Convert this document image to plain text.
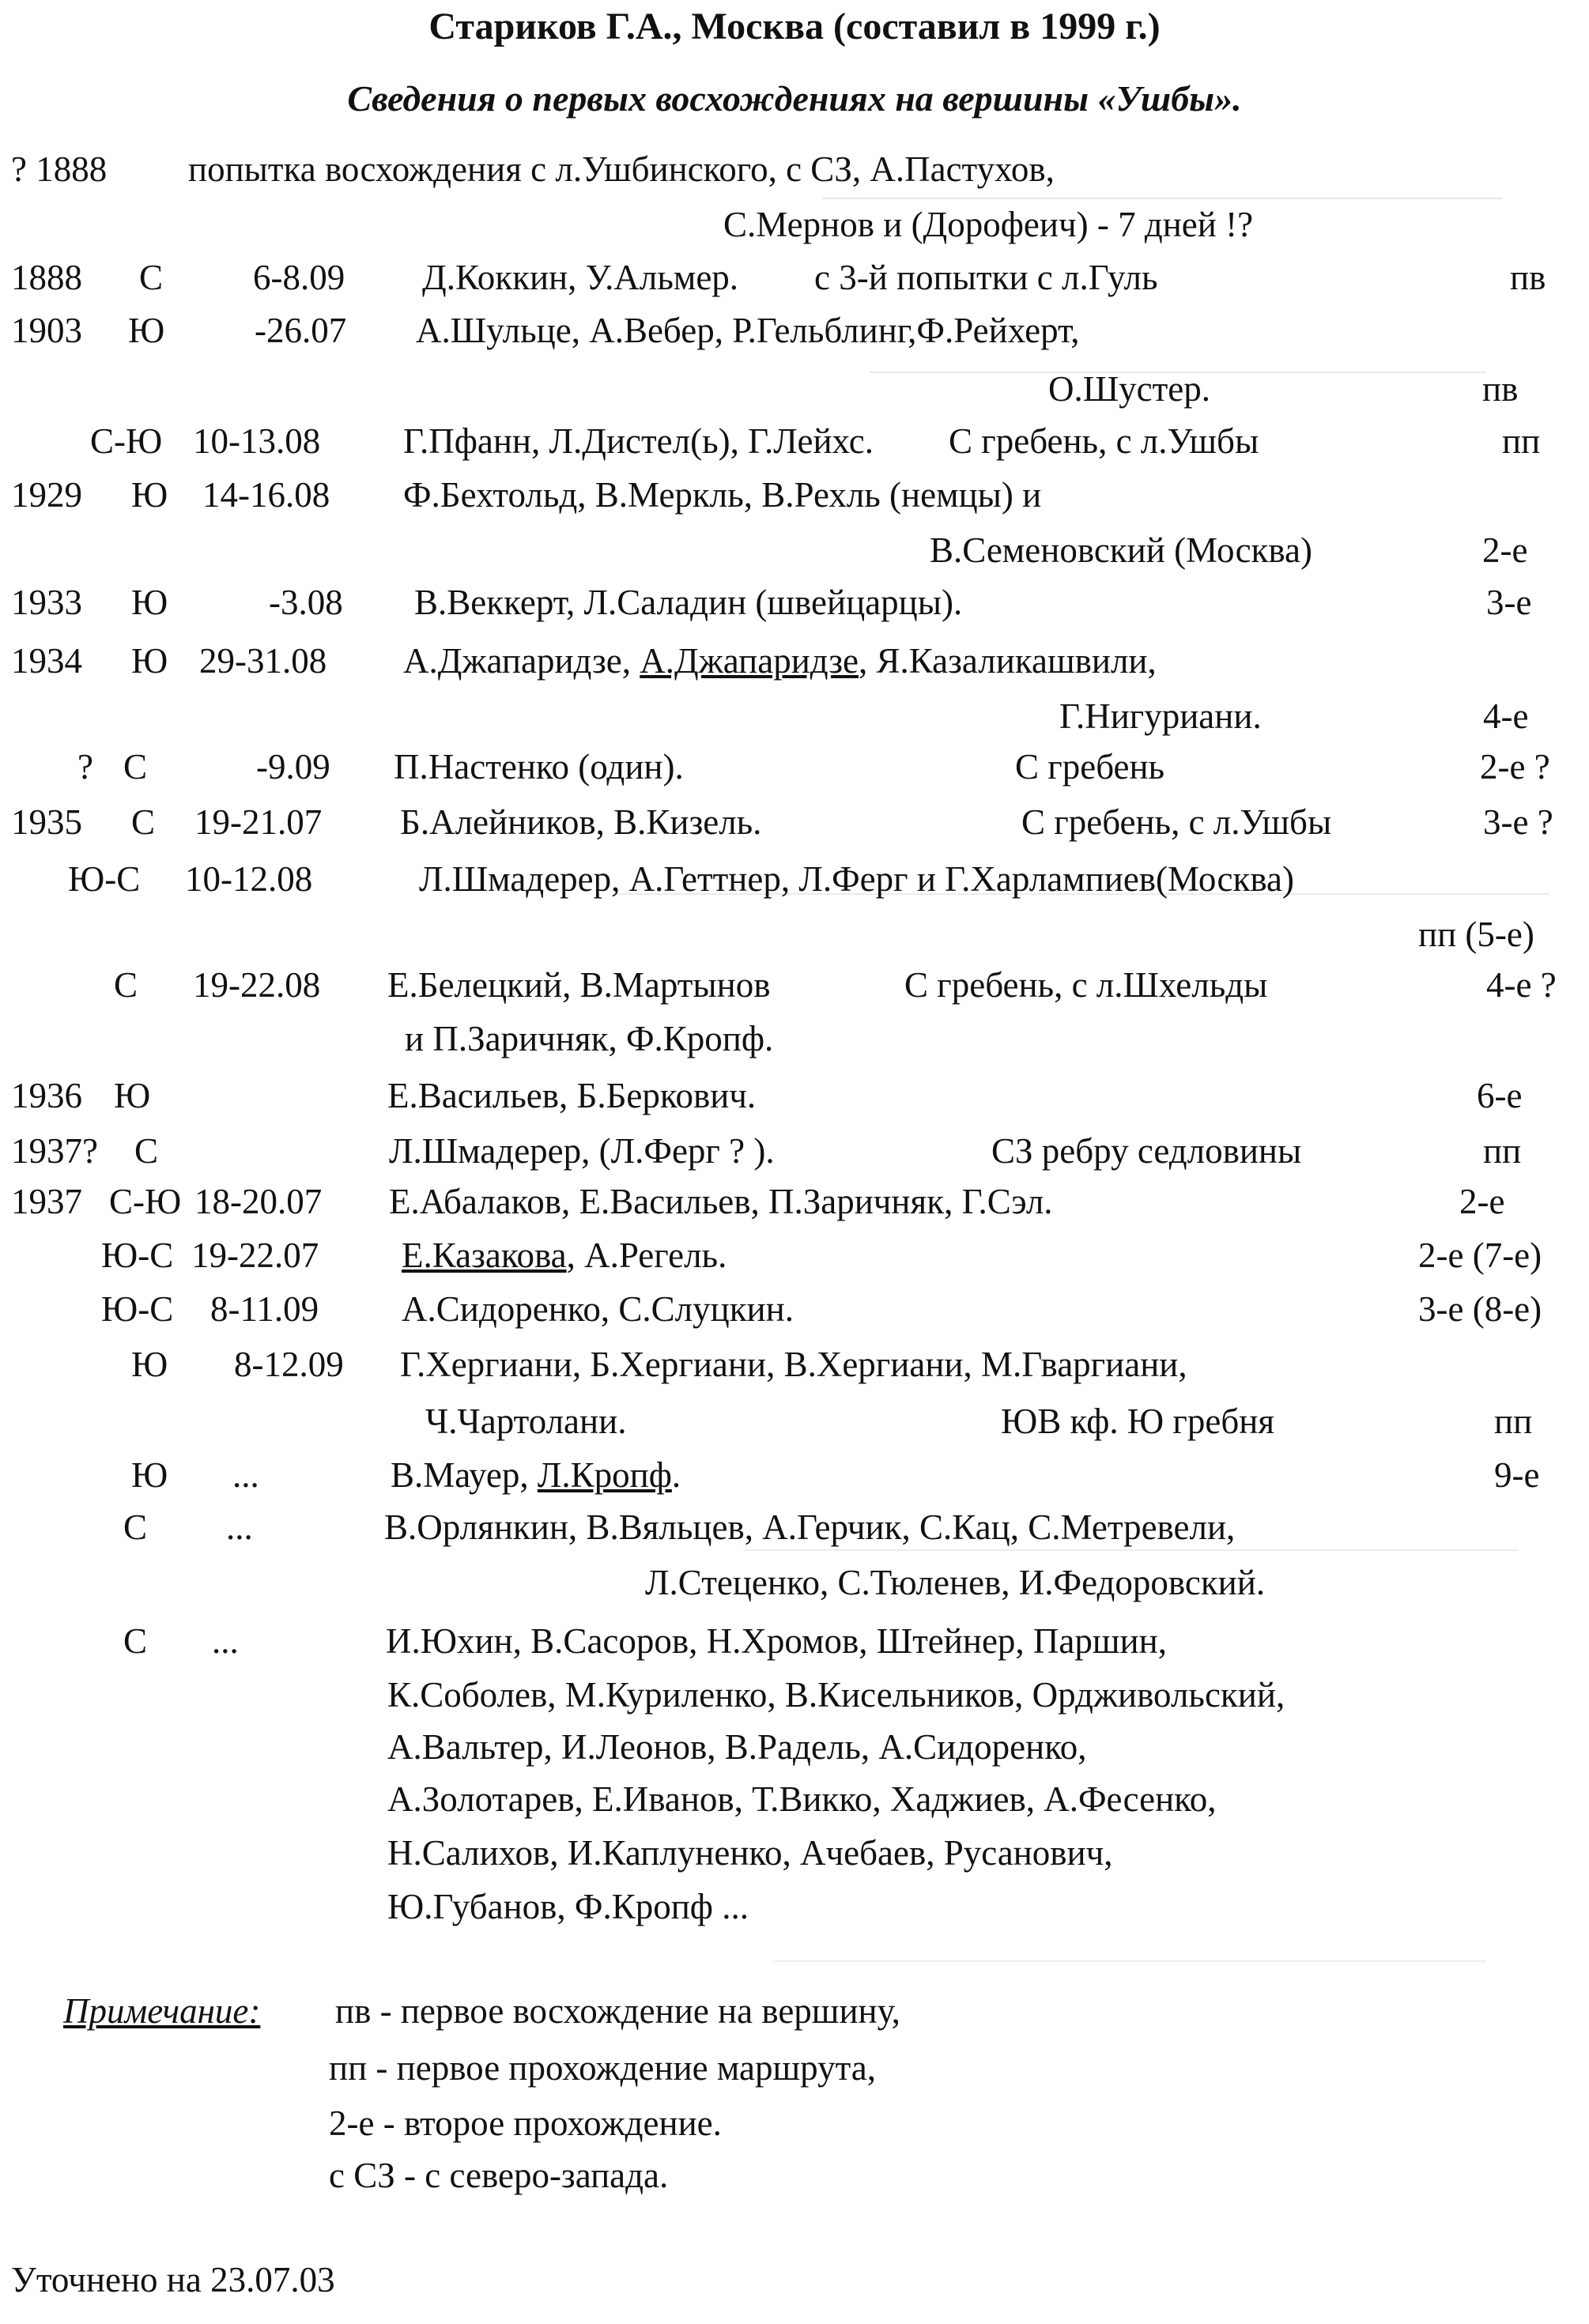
Стариков Г.А., Москва (составил в 1999 г.)
Сведения о первых восхождениях на вершины «Ушбы».
? 1888 попытка восхождения с л.Ушбинского, с СЗ, А.Пастухов,
С.Мернов и (Дорофеич) - 7 дней !?
1888 С	6-8.09 Д.Коккин, У.Альмер. с 3-й попытки с л.Гуль	пв
1903 Ю	-26.07 А.Шульце, А.Вебер, Р.Гельблинг,Ф.Рейхерт,
О.Шустер.	пв
С-Ю 10-13.08 Г.Пфанн, Л.Дистел(ь), Г.Лейхс. С гребень, с л.Ушбы	пп
1929 Ю 14-16.08 Ф.Бехтольд, В.Меркль, В.Рехль (немцы) и
В.Семеновский (Москва)	2-е
1933 Ю	-3.08 В.Веккерт, Л.Саладин (швейцарцы).	3-е
1934 Ю 29-31.08 А.Джапаридзе, А.Джапаридзе, Я.Казаликашвили,
Г.Нигуриани.	4-е
? С	-9.09 П.Настенко (один).	С гребень	2-е ?
1935 С 19-21.07 Б.Алейников, В.Кизель.	С гребень, с л.Ушбы	3-е ?
Ю-С 10-12.08	Л.Шмадерер, А.Геттнер, Л.Ферг и Г.Харлампиев(Москва)
пп (5-е)
С 19-22.08 Е.Белецкий, В.Мартынов	С гребень, с л.Шхельды	4-е ?
и П.Заричняк, Ф.Кропф.
1936 Ю	Е.Васильев, Б.Беркович.	6-е
1937? С	Л.Шмадерер, (Л.Ферг ? ).	СЗ ребру седловины	пп
1937 С-Ю 18-20.07 Е.Абалаков, Е.Васильев, П.Заричняк, Г.Сэл.	2-е
Ю-С 19-22.07 Е.Казакова, А.Регель.	2-е (7-е)
Ю-С 8-11.09 А.Сидоренко, С.Слуцкин.	3-е (8-е)
Ю 8-12.09 Г.Хергиани, Б.Хергиани, В.Хергиани, М.Гваргиани,
Ч.Чартолани.	ЮВ кф. Ю гребня	пп
Ю ...	В.Мауер, Л.Кропф.	9-е
С ...	В.Орлянкин, В.Вяльцев, А.Герчик, С.Кац, С.Метревели,
Л.Стеценко, С.Тюленев, И.Федоровский.
С ...	И.Юхин, В.Сасоров, Н.Хромов, Штейнер, Паршин,
К.Соболев, М.Куриленко, В.Кисельников, Ордживольский,
А.Вальтер, И.Леонов, В.Радель, А.Сидоренко,
А.Золотарев, Е.Иванов, Т.Викко, Хаджиев, А.Фесенко,
Н.Салихов, И.Каплуненко, Ачебаев, Русанович,
Ю.Губанов, Ф.Кропф ...
Примечание: пв - первое восхождение на вершину,
пп - первое прохождение маршрута,
2-е - второе прохождение.
с СЗ - с северо-запада.
Уточнено на 23.07.03
